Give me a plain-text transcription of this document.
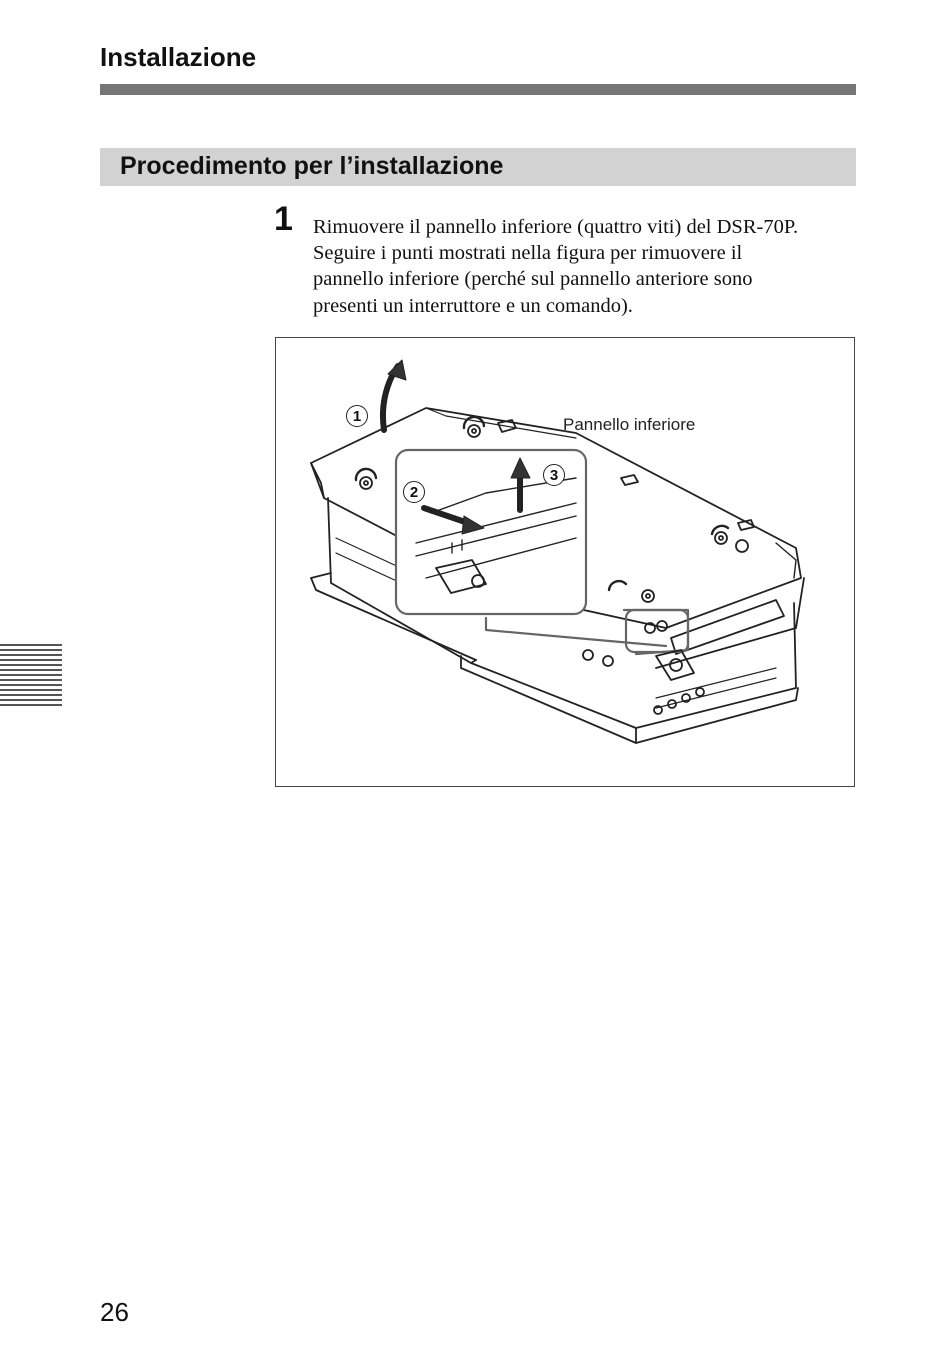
Installazione
Procedimento per l’installazione
1 Rimuovere il pannello inferiore (quattro viti) del DSR-70P.
Seguire i punti mostrati nella figura per rimuovere il
pannello inferiore (perché sul pannello anteriore sono
presenti un interruttore e un comando).
Pannello inferiore
1
2
3
26
